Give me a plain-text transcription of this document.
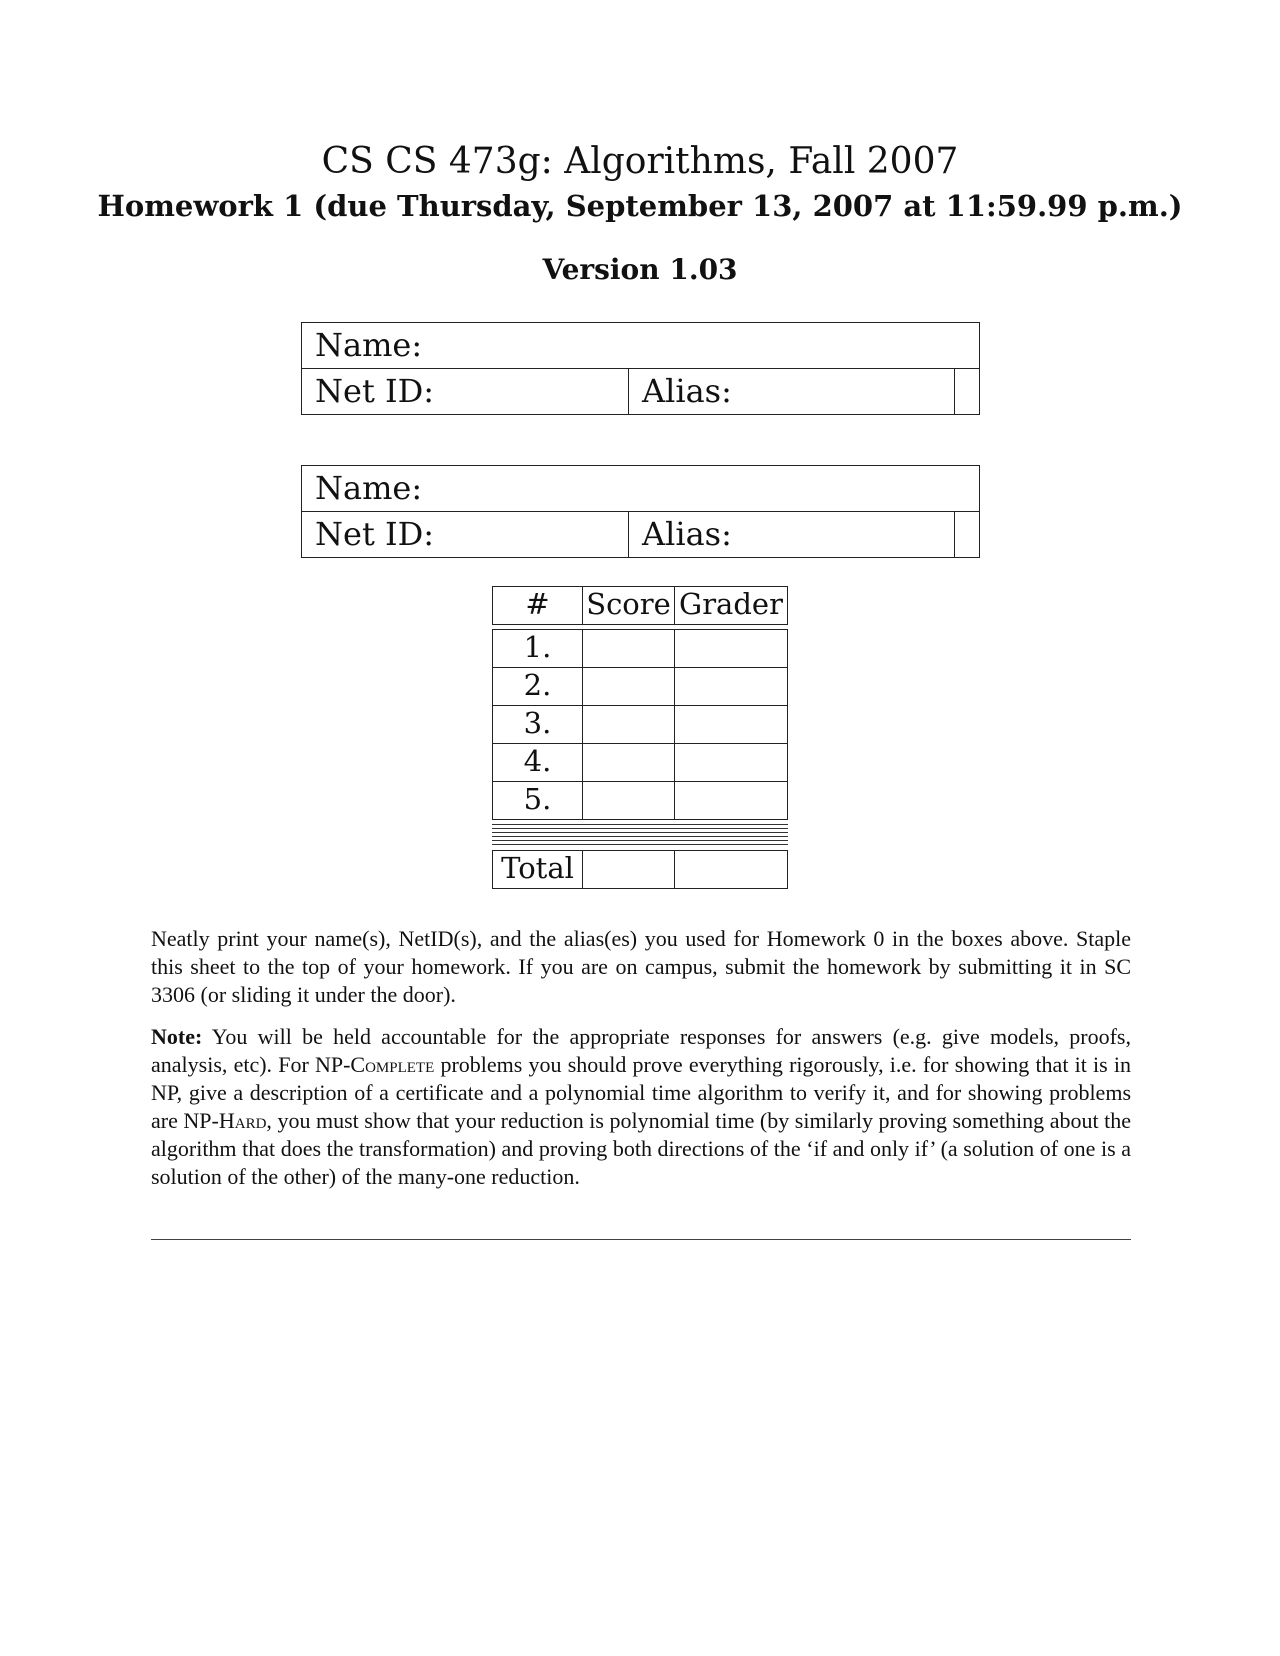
CS CS 473g: Algorithms, Fall 2007
Homework 1 (due Thursday, September 13, 2007 at 11:59.99 p.m.)
Version 1.03
Name:
Net ID:	Alias:
Name:
Net ID:	Alias:
#	Score Grader
1.
2.
3.
4.
5.
Total

Neatly print your name(s), NetID(s), and the alias(es) you used for Homework 0 in the boxes above. Staple this sheet to the top of your homework. If you are on campus, submit the homework by submitting it in SC 3306 (or sliding it under the door).

Note: You will be held accountable for the appropriate responses for answers (e.g. give models, proofs, analysis, etc). For NP-Complete problems you should prove everything rigorously, i.e. for showing that it is in NP, give a description of a certificate and a polynomial time algorithm to verify it, and for showing problems are NP-Hard, you must show that your reduction is polynomial time (by similarly proving something about the algorithm that does the transformation) and proving both directions of the ‘if and only if’ (a solution of one is a solution of the other) of the many-one reduction.
